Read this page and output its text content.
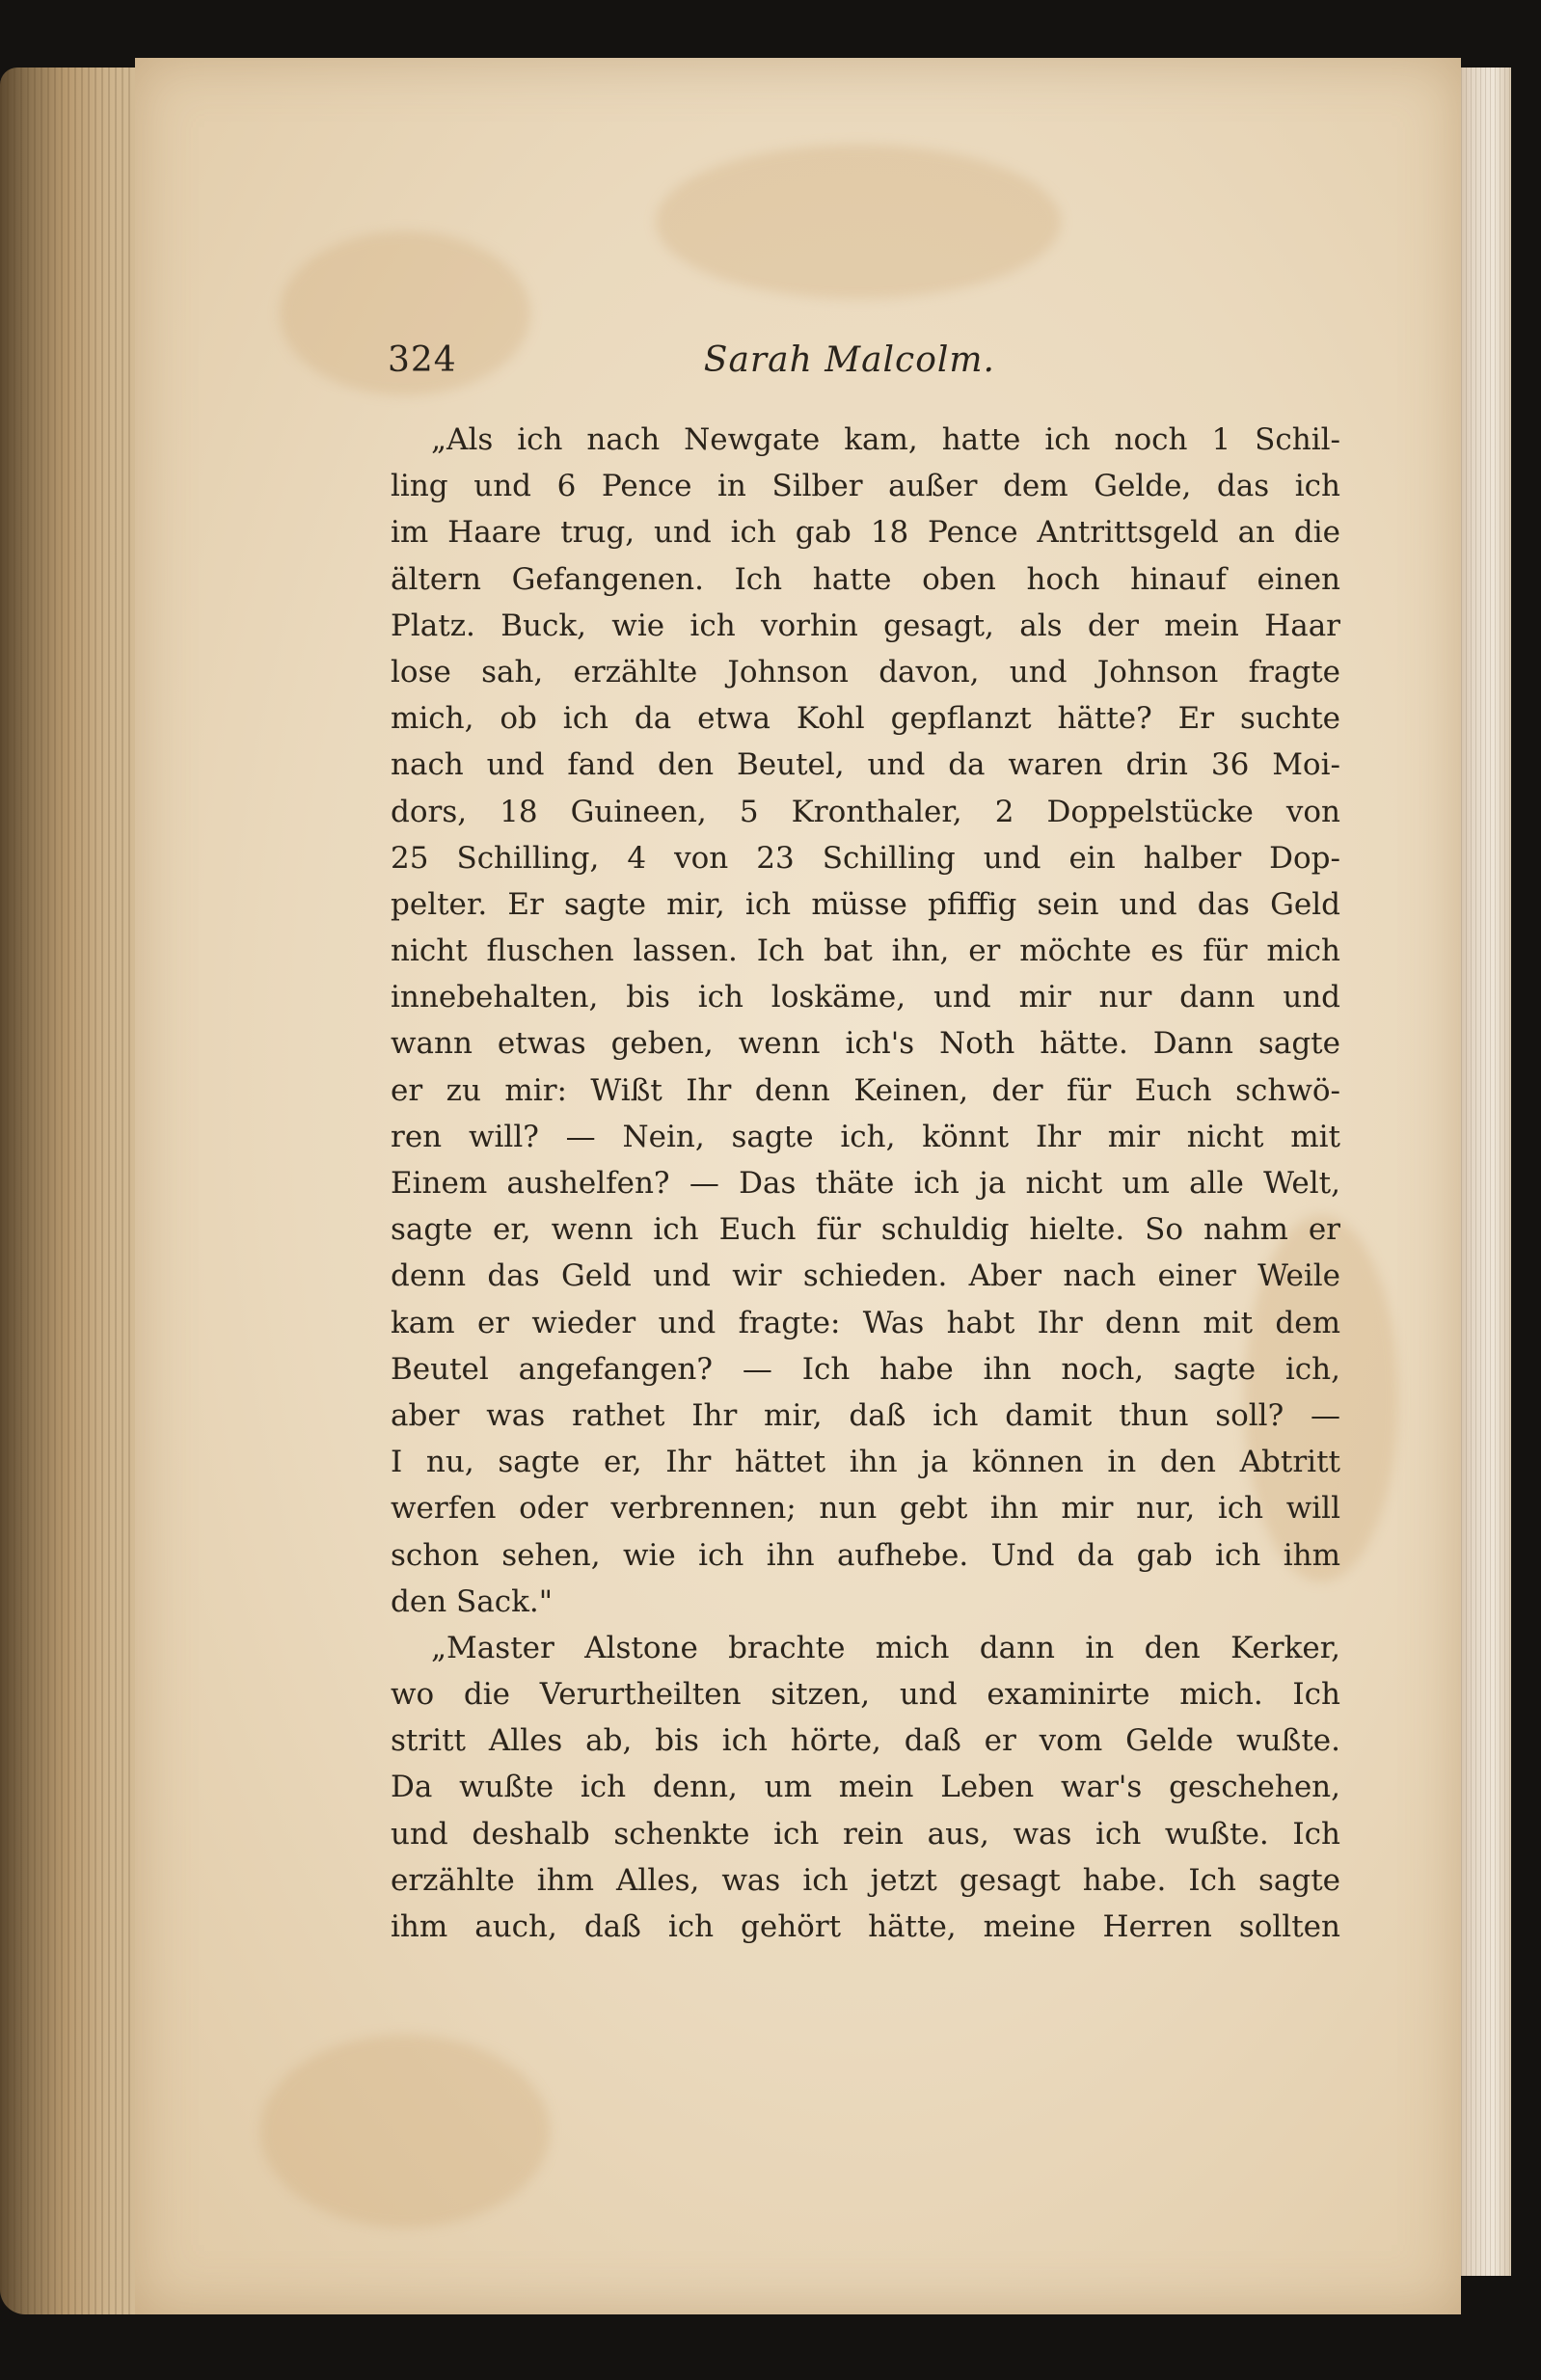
324	Sarah Malcolm.
„Als ich nach Newgate kam, hatte ich noch 1 Schil-
ling und 6 Pence in Silber außer dem Gelde, das ich
im Haare trug, und ich gab 18 Pence Antrittsgeld an die
ältern Gefangenen. Ich hatte oben hoch hinauf einen
Platz. Buck, wie ich vorhin gesagt, als der mein Haar
lose sah, erzählte Johnson davon, und Johnson fragte
mich, ob ich da etwa Kohl gepflanzt hätte? Er suchte
nach und fand den Beutel, und da waren drin 36 Moi-
dors, 18 Guineen, 5 Kronthaler, 2 Doppelstücke von
25 Schilling, 4 von 23 Schilling und ein halber Dop-
pelter. Er sagte mir, ich müsse pfiffig sein und das Geld
nicht fluschen lassen. Ich bat ihn, er möchte es für mich
innebehalten, bis ich loskäme, und mir nur dann und
wann etwas geben, wenn ich's Noth hätte. Dann sagte
er zu mir: Wißt Ihr denn Keinen, der für Euch schwö-
ren will? — Nein, sagte ich, könnt Ihr mir nicht mit
Einem aushelfen? — Das thäte ich ja nicht um alle Welt,
sagte er, wenn ich Euch für schuldig hielte. So nahm er
denn das Geld und wir schieden. Aber nach einer Weile
kam er wieder und fragte: Was habt Ihr denn mit dem
Beutel angefangen? — Ich habe ihn noch, sagte ich,
aber was rathet Ihr mir, daß ich damit thun soll? —
I nu, sagte er, Ihr hättet ihn ja können in den Abtritt
werfen oder verbrennen; nun gebt ihn mir nur, ich will
schon sehen, wie ich ihn aufhebe. Und da gab ich ihm
den Sack."
„Master Alstone brachte mich dann in den Kerker,
wo die Verurtheilten sitzen, und examinirte mich. Ich
stritt Alles ab, bis ich hörte, daß er vom Gelde wußte.
Da wußte ich denn, um mein Leben war's geschehen,
und deshalb schenkte ich rein aus, was ich wußte. Ich
erzählte ihm Alles, was ich jetzt gesagt habe. Ich sagte
ihm auch, daß ich gehört hätte, meine Herren sollten
